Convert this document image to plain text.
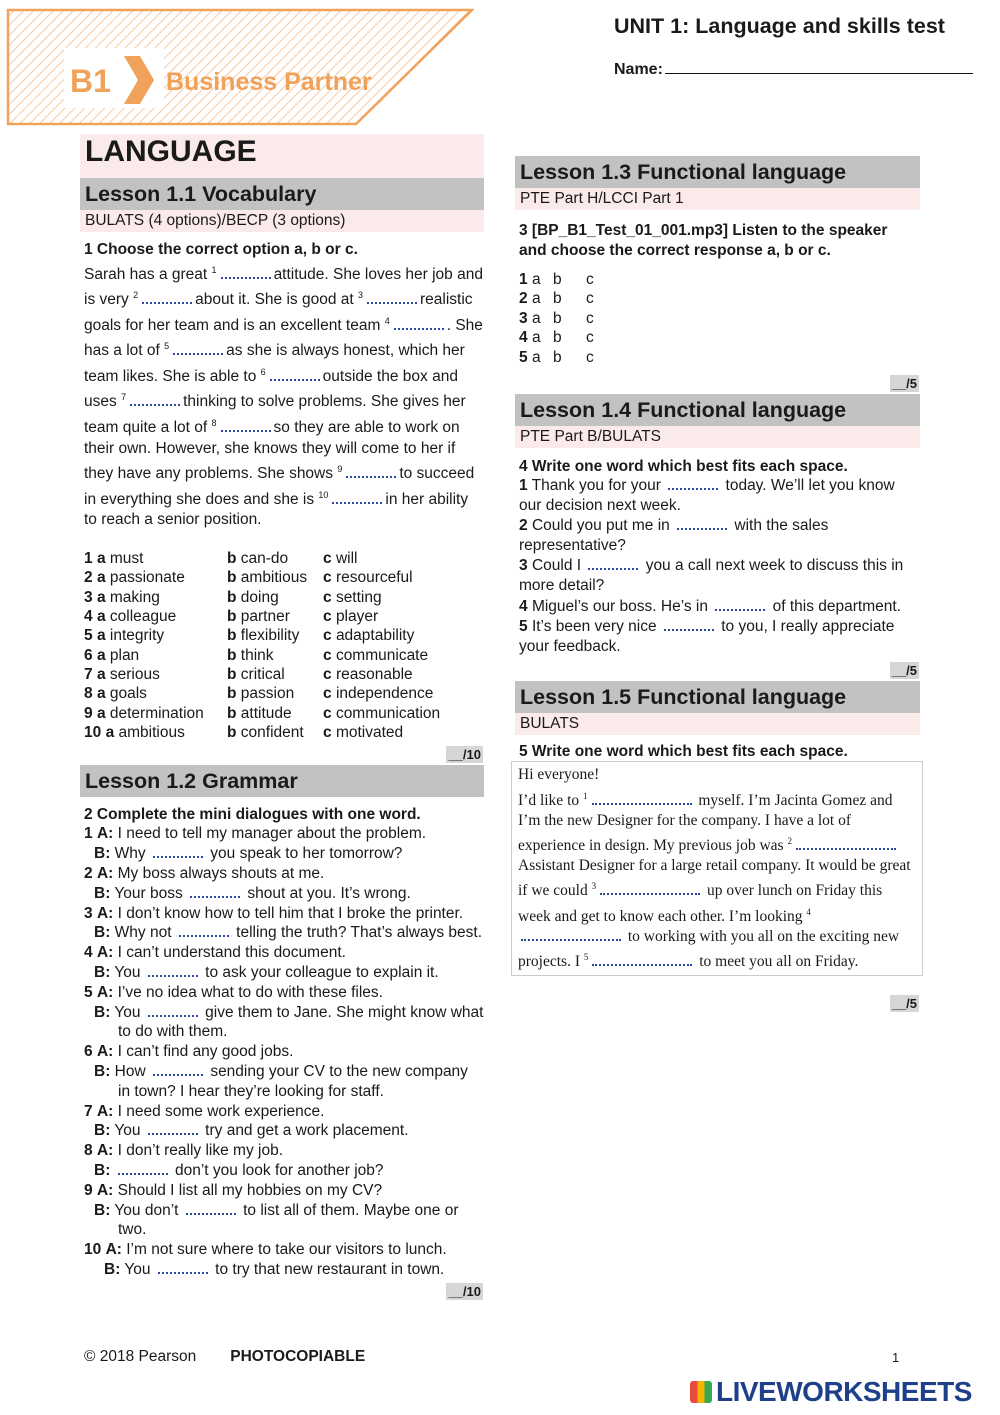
B1 Business Partner
UNIT 1: Language and skills test
Name:
LANGUAGE
Lesson 1.1 Vocabulary
BULATS (4 options)/BECP (3 options)
1 Choose the correct option a, b or c.
Sarah has a great $^1$	attitude. She loves her job and is very $^2$	about it. She is good at $^3$	realistic goals for her team and is an excellent team $^4$	. She has a lot of $^5$	as she is always honest, which her team likes. She is able to $^6$	outside the box and uses $^7$	thinking to solve problems. She gives her team quite a lot of $^8$	so they are able to work on their own. However, she knows they will come to her if they have any problems. She shows $^9$	to succeed in everything she does and she is $^{10}$	in her ability to reach a senior position.
1 a must	b can-do	c will
2 a passionate	b ambitious	c resourceful
3 a making	b doing	c setting
4 a colleague	b partner	c player
5 a integrity	b flexibility	c adaptability
6 a plan	b think	c communicate
7 a serious	b critical	c reasonable
8 a goals	b passion	c independence
9 a determination	b attitude	c communication
10 a ambitious	b confident	c motivated
__/10
Lesson 1.2 Grammar
2 Complete the mini dialogues with one word.
1 A: I need to tell my manager about the problem.
B: Why	you speak to her tomorrow?
2 A: My boss always shouts at me.
B: Your boss	shout at you. It’s wrong.
3 A: I don’t know how to tell him that I broke the printer.
B: Why not	telling the truth? That’s always best.
4 A: I can’t understand this document.
B: You	to ask your colleague to explain it.
5 A: I’ve no idea what to do with these files.
B: You	give them to Jane. She might know what to do with them.
6 A: I can’t find any good jobs.
B: How	sending your CV to the new company in town? I hear they’re looking for staff.
7 A: I need some work experience.
B: You	try and get a work placement.
8 A: I don’t really like my job.
B:	don’t you look for another job?
9 A: Should I list all my hobbies on my CV?
B: You don’t	to list all of them. Maybe one or two.
10 A: I’m not sure where to take our visitors to lunch.
B: You	to try that new restaurant in town.
__/10
Lesson 1.3 Functional language
PTE Part H/LCCI Part 1
3 [BP_B1_Test_01_001.mp3] Listen to the speaker and choose the correct response a, b or c.
1 a	b	c
2 a	b	c
3 a	b	c
4 a	b	c
5 a	b	c
__/5
Lesson 1.4 Functional language
PTE Part B/BULATS
4 Write one word which best fits each space.
1 Thank you for your	today. We’ll let you know our decision next week.
2 Could you put me in	with the sales representative?
3 Could I	you a call next week to discuss this in more detail?
4 Miguel’s our boss. He’s in	of this department.
5 It’s been very nice	to you, I really appreciate your feedback.
__/5
Lesson 1.5 Functional language
BULATS
5 Write one word which best fits each space.
Hi everyone!
I’d like to $^1$	myself. I’m Jacinta Gomez and I’m the new Designer for the company. I have a lot of experience in design. My previous job was $^2$ Assistant Designer for a large retail company. It would be great if we could $^3$	up over lunch on Friday this week and get to know each other. I’m looking $^4$ to working with you all on the exciting new projects. I $^5$	to meet you all on Friday.
__/5
© 2018 Pearson PHOTOCOPIABLE	1
LIVEWORKSHEETS
